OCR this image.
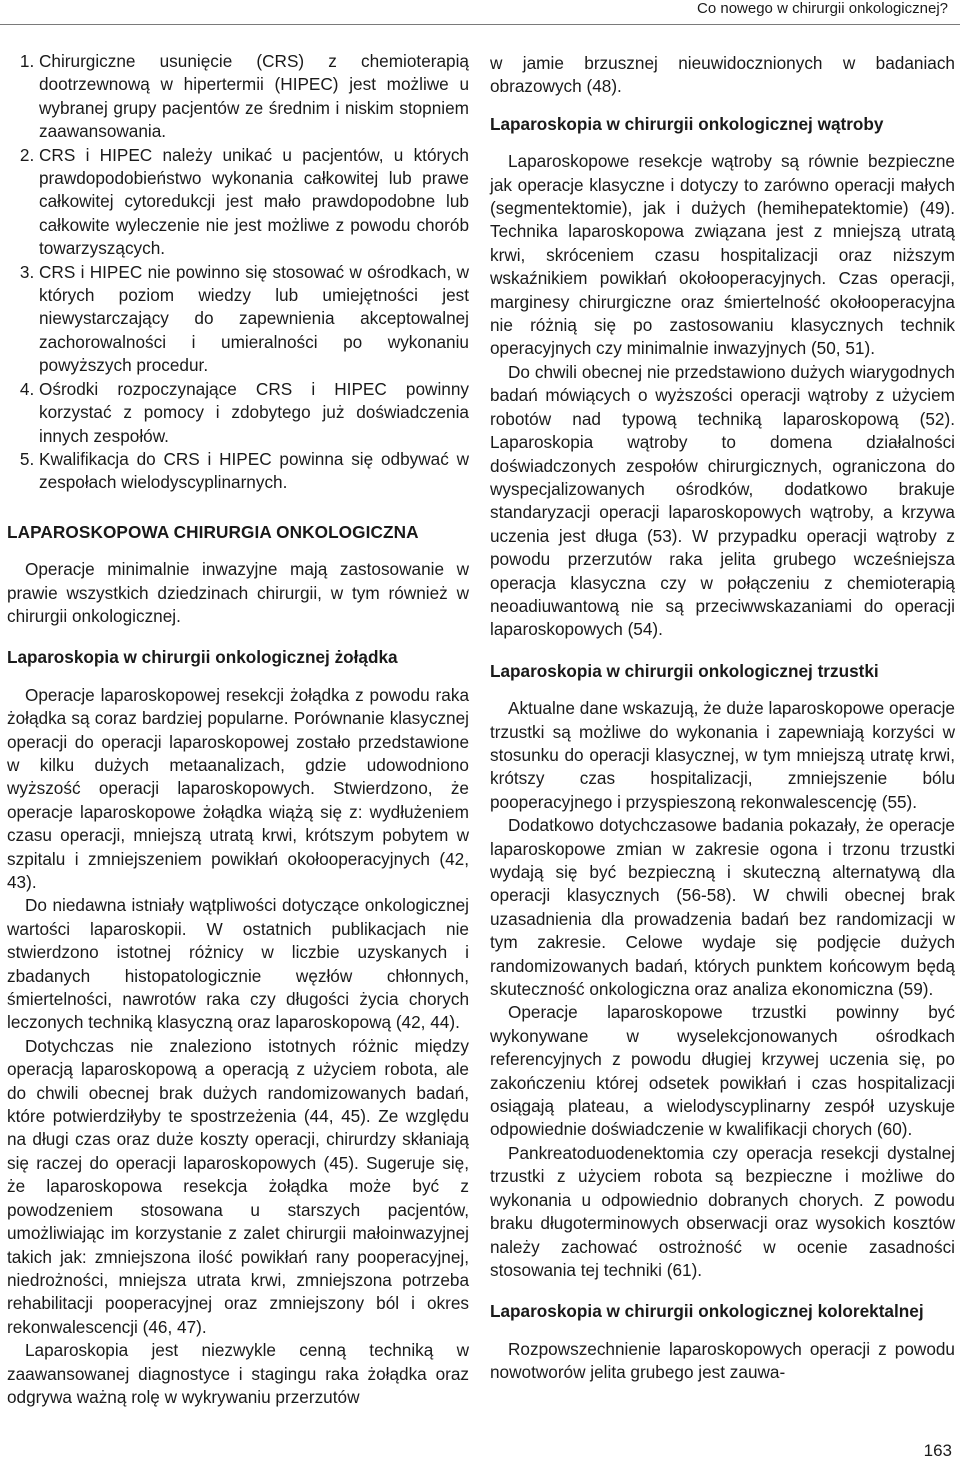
Co nowego w chirurgii onkologicznej?
1. Chirurgiczne usunięcie (CRS) z chemioterapią dootrzewnową w hipertermii (HIPEC) jest możliwe u wybranej grupy pacjentów ze średnim i niskim stopniem zaawansowania.
2. CRS i HIPEC należy unikać u pacjentów, u których prawdopodobieństwo wykonania całkowitej lub prawe całkowitej cytoredukcji jest mało prawdopodobne lub całkowite wyleczenie nie jest możliwe z powodu chorób towarzyszących.
3. CRS i HIPEC nie powinno się stosować w ośrodkach, w których poziom wiedzy lub umiejętności jest niewystarczający do zapewnienia akceptowalnej zachorowalności i umieralności po wykonaniu powyższych procedur.
4. Ośrodki rozpoczynające CRS i HIPEC powinny korzystać z pomocy i zdobytego już doświadczenia innych zespołów.
5. Kwalifikacja do CRS i HIPEC powinna się odbywać w zespołach wielodyscyplinarnych.
LAPAROSKOPOWA CHIRURGIA ONKOLOGICZNA

Operacje minimalnie inwazyjne mają zastosowanie w prawie wszystkich dziedzinach chirurgii, w tym również w chirurgii onkologicznej.

Laparoskopia w chirurgii onkologicznej żołądka

Operacje laparoskopowej resekcji żołądka z powodu raka żołądka są coraz bardziej popularne. Porównanie klasycznej operacji do operacji laparoskopowej zostało przedstawione w kilku dużych metaanalizach, gdzie udowodniono wyższość operacji laparoskopowych. Stwierdzono, że operacje laparoskopowe żołądka wiążą się z: wydłużeniem czasu operacji, mniejszą utratą krwi, krótszym pobytem w szpitalu i zmniejszeniem powikłań okołooperacyjnych (42, 43).

Do niedawna istniały wątpliwości dotyczące onkologicznej wartości laparoskopii. W ostatnich publikacjach nie stwierdzono istotnej różnicy w liczbie uzyskanych i zbadanych histopatologicznie węzłów chłonnych, śmiertelności, nawrotów raka czy długości życia chorych leczonych techniką klasyczną oraz laparoskopową (42, 44).

Dotychczas nie znaleziono istotnych różnic między operacją laparoskopową a operacją z użyciem robota, ale do chwili obecnej brak dużych randomizowanych badań, które potwierdziłyby te spostrzeżenia (44, 45). Ze względu na długi czas oraz duże koszty operacji, chirurdzy skłaniają się raczej do operacji laparoskopowych (45). Sugeruje się, że laparoskopowa resekcja żołądka może być z powodzeniem stosowana u starszych pacjentów, umożliwiając im korzystanie z zalet chirurgii małoinwazyjnej takich jak: zmniejszona ilość powikłań rany pooperacyjnej, niedrożności, mniejsza utrata krwi, zmniejszona potrzeba rehabilitacji pooperacyjnej oraz zmniejszony ból i okres rekonwalescencji (46, 47).

Laparoskopia jest niezwykle cenną techniką w zaawansowanej diagnostyce i stagingu raka żołądka oraz odgrywa ważną rolę w wykrywaniu przerzutów

w jamie brzusznej nieuwidocznionych w badaniach obrazowych (48).

Laparoskopia w chirurgii onkologicznej wątroby

Laparoskopowe resekcje wątroby są równie bezpieczne jak operacje klasyczne i dotyczy to zarówno operacji małych (segmentektomie), jak i dużych (hemihepatektomie) (49). Technika laparoskopowa związana jest z mniejszą utratą krwi, skróceniem czasu hospitalizacji oraz niższym wskaźnikiem powikłań okołooperacyjnych. Czas operacji, marginesy chirurgiczne oraz śmiertelność okołooperacyjna nie różnią się po zastosowaniu klasycznych technik operacyjnych czy minimalnie inwazyjnych (50, 51).

Do chwili obecnej nie przedstawiono dużych wiarygodnych badań mówiących o wyższości operacji wątroby z użyciem robotów nad typową techniką laparoskopową (52). Laparoskopia wątroby to domena działalności doświadczonych zespołów chirurgicznych, ograniczona do wyspecjalizowanych ośrodków, dodatkowo brakuje standaryzacji operacji laparoskopowych wątroby, a krzywa uczenia jest długa (53). W przypadku operacji wątroby z powodu przerzutów raka jelita grubego wcześniejsza operacja klasyczna czy w połączeniu z chemioterapią neoadiuwantową nie są przeciwwskazaniami do operacji laparoskopowych (54).

Laparoskopia w chirurgii onkologicznej trzustki

Aktualne dane wskazują, że duże laparoskopowe operacje trzustki są możliwe do wykonania i zapewniają korzyści w stosunku do operacji klasycznej, w tym mniejszą utratę krwi, krótszy czas hospitalizacji, zmniejszenie bólu pooperacyjnego i przyspieszoną rekonwalescencję (55).

Dodatkowo dotychczasowe badania pokazały, że operacje laparoskopowe zmian w zakresie ogona i trzonu trzustki wydają się być bezpieczną i skuteczną alternatywą dla operacji klasycznych (56-58). W chwili obecnej brak uzasadnienia dla prowadzenia badań bez randomizacji w tym zakresie. Celowe wydaje się podjęcie dużych randomizowanych badań, których punktem końcowym będą skuteczność onkologiczna oraz analiza ekonomiczna (59).

Operacje laparoskopowe trzustki powinny być wykonywane w wyselekcjonowanych ośrodkach referencyjnych z powodu długiej krzywej uczenia się, po zakończeniu której odsetek powikłań i czas hospitalizacji osiągają plateau, a wielodyscyplinarny zespół uzyskuje odpowiednie doświadczenie w kwalifikacji chorych (60).

Pankreatoduodenektomia czy operacja resekcji dystalnej trzustki z użyciem robota są bezpieczne i możliwe do wykonania u odpowiednio dobranych chorych. Z powodu braku długoterminowych obserwacji oraz wysokich kosztów należy zachować ostrożność w ocenie zasadności stosowania tej techniki (61).

Laparoskopia w chirurgii onkologicznej kolorektalnej

Rozpowszechnienie laparoskopowych operacji z powodu nowotworów jelita grubego jest zauwa-

163
